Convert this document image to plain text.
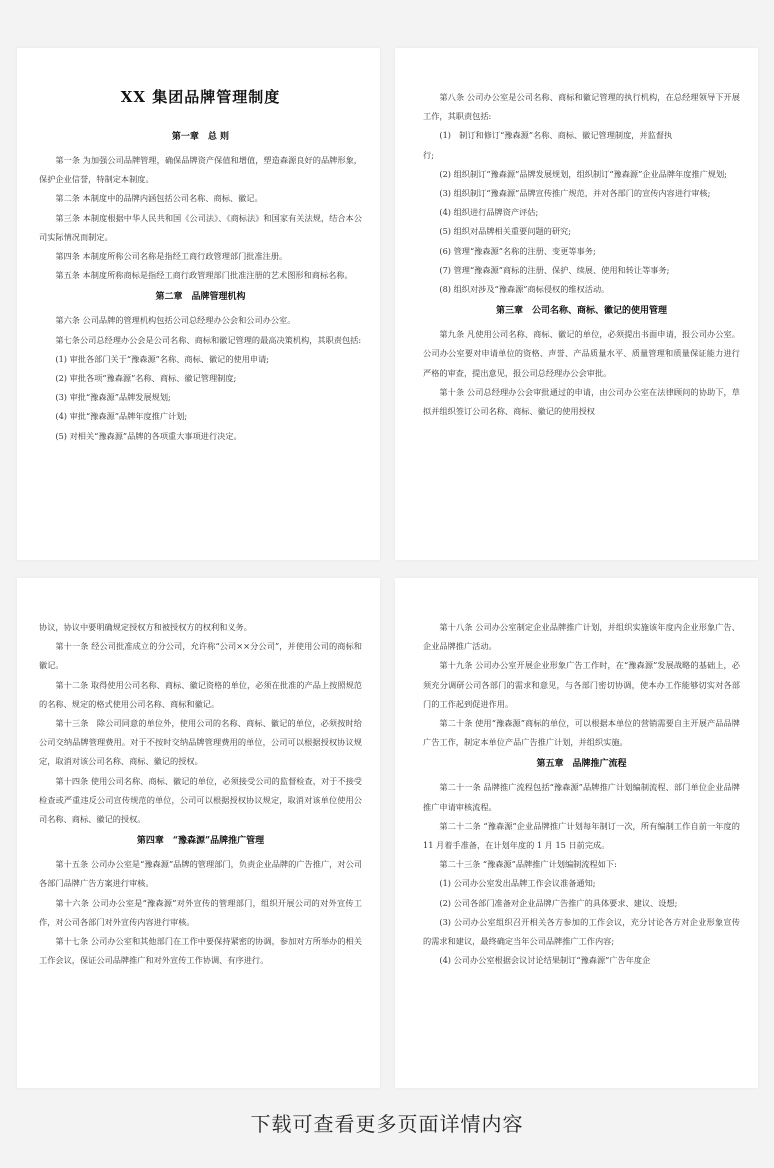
XX 集团品牌管理制度
第一章　总 则

第一条 为加强公司品牌管理，确保品牌资产保值和增值，塑造森源良好的品牌形象，保护企业信誉，特制定本制度。

第二条 本制度中的品牌内涵包括公司名称、商标、徽记。

第三条 本制度根据中华人民共和国《公司法》、《商标法》和国家有关法规，结合本公司实际情况而制定。

第四条 本制度所称公司名称是指经工商行政管理部门批准注册。

第五条 本制度所称商标是指经工商行政管理部门批准注册的艺术图形和商标名称。

第二章　品牌管理机构

第六条 公司品牌的管理机构包括公司总经理办公会和公司办公室。

第七条公司总经理办公会是公司名称、商标和徽记管理的最高决策机构，其职责包括:

(1) 审批各部门关于“豫森源”名称、商标、徽记的使用申请;

(2) 审批各项“豫森源”名称、商标、徽记管理制度;

(3) 审批“豫森源”品牌发展规划;

(4) 审批“豫森源”品牌年度推广计划;

(5) 对相关“豫森源”品牌的各项重大事项进行决定。

第八条 公司办公室是公司名称、商标和徽记管理的执行机构，在总经理领导下开展工作，其职责包括:

(1)　制订和修订“豫森源”名称、商标、徽记管理制度，并监督执

行;

(2) 组织制订“豫森源”品牌发展规划，组织制订“豫森源”企业品牌年度推广规划;

(3) 组织制订“豫森源”品牌宣传推广规范，并对各部门的宣传内容进行审核;

(4) 组织进行品牌资产评估;

(5) 组织对品牌相关重要问题的研究;

(6) 管理“豫森源”名称的注册、变更等事务;

(7) 管理“豫森源”商标的注册、保护、续展、使用和转让等事务;

(8) 组织对涉及“豫森源”商标侵权的维权活动。

第三章　公司名称、商标、徽记的使用管理

第九条 凡使用公司名称、商标、徽记的单位，必须提出书面申请，报公司办公室。公司办公室要对申请单位的资格、声誉、产品质量水平、质量管理和质量保证能力进行严格的审查，提出意见，报公司总经理办公会审批。

第十条 公司总经理办公会审批通过的申请，由公司办公室在法律顾问的协助下，草拟并组织签订公司名称、商标、徽记的使用授权

协议，协议中要明确规定授权方和被授权方的权利和义务。

第十一条 经公司批准成立的分公司，允许称“公司××分公司”，并使用公司的商标和徽记。

第十二条 取得使用公司名称、商标、徽记资格的单位，必须在批准的产品上按照规范的名称、规定的格式使用公司名称、商标和徽记。

第十三条　除公司同意的单位外，使用公司的名称、商标、徽记的单位，必须按时给公司交纳品牌管理费用。对于不按时交纳品牌管理费用的单位，公司可以根据授权协议规定，取消对该公司名称、商标、徽记的授权。

第十四条 使用公司名称、商标、徽记的单位，必须接受公司的监督检查，对于不接受检查或严重违反公司宣传规范的单位，公司可以根据授权协议规定，取消对该单位使用公司名称、商标、徽记的授权。

第四章　“豫森源”品牌推广管理

第十五条 公司办公室是“豫森源”品牌的管理部门，负责企业品牌的广告推广，对公司各部门品牌广告方案进行审核。

第十六条 公司办公室是“豫森源”对外宣传的管理部门，组织开展公司的对外宣传工作，对公司各部门对外宣传内容进行审核。

第十七条 公司办公室和其他部门在工作中要保持紧密的协调，参加对方所举办的相关工作会议，保证公司品牌推广和对外宣传工作协调、有序进行。

第十八条 公司办公室制定企业品牌推广计划，并组织实施该年度内企业形象广告、企业品牌推广活动。

第十九条 公司办公室开展企业形象广告工作时，在“豫森源”发展战略的基础上，必须充分调研公司各部门的需求和意见，与各部门密切协调，使本办工作能够切实对各部门的工作起到促进作用。

第二十条 使用“豫森源”商标的单位，可以根据本单位的营销需要自主开展产品品牌广告工作，制定本单位产品广告推广计划，并组织实施。

第五章　品牌推广流程

第二十一条 品牌推广流程包括“豫森源”品牌推广计划编制流程、部门单位企业品牌推广申请审核流程。

第二十二条 “豫森源”企业品牌推广计划每年制订一次，所有编制工作自前一年度的 11 月着手准备，在计划年度的 1 月 15 日前完成。

第二十三条 “豫森源”品牌推广计划编制流程如下:

(1) 公司办公室发出品牌工作会议准备通知;

(2) 公司各部门准备对企业品牌广告推广的具体要求、建议、设想;

(3) 公司办公室组织召开相关各方参加的工作会议，充分讨论各方对企业形象宣传的需求和建议，最终确定当年公司品牌推广工作内容;

(4) 公司办公室根据会议讨论结果制订“豫森源”广告年度企

下载可查看更多页面详情内容
